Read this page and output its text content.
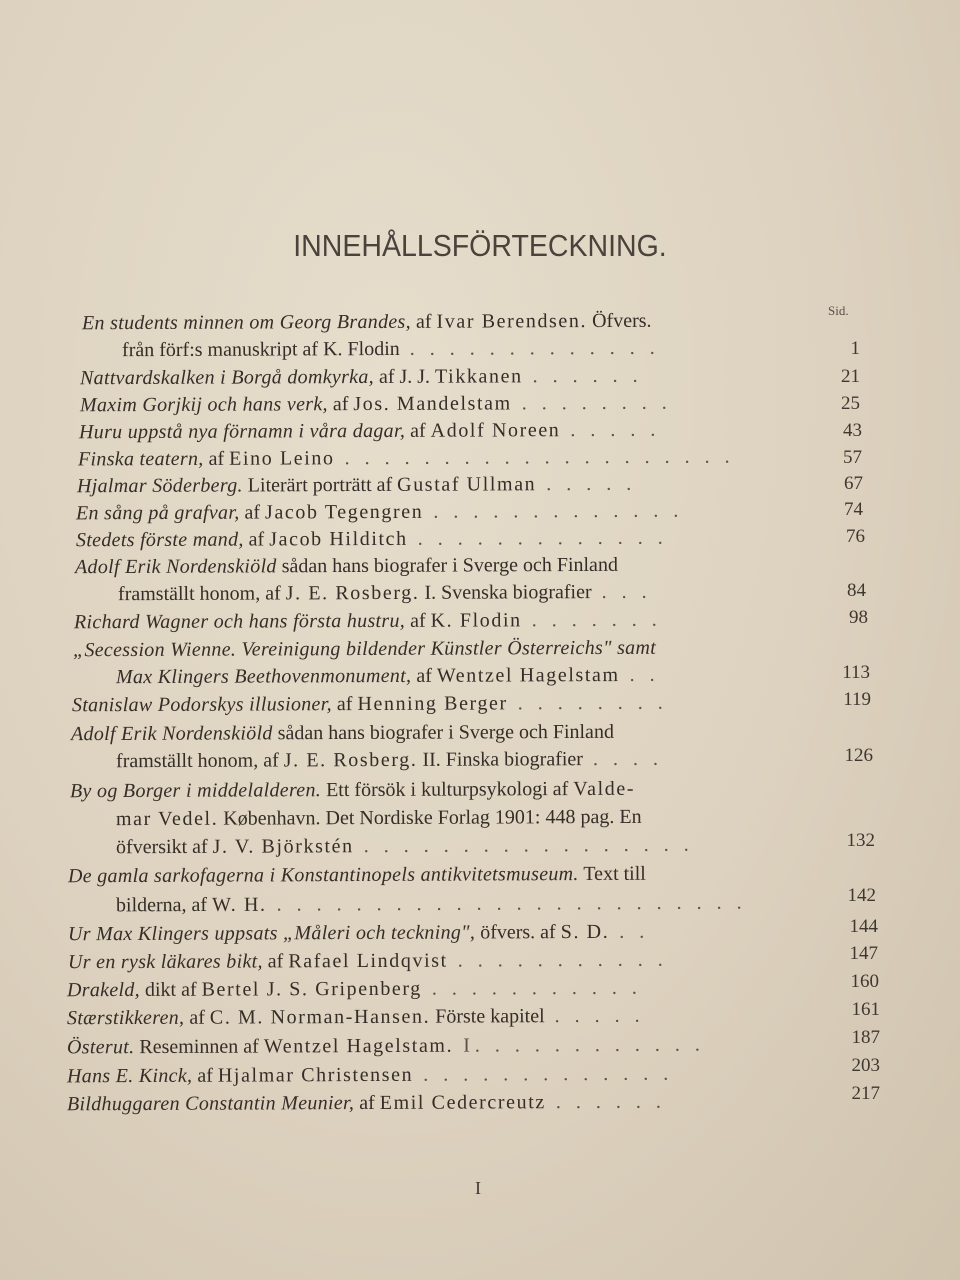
INNEHÅLLSFÖRTECKNING.
Sid.
En students minnen om Georg Brandes, af Ivar Berendsen. Öfvers.
från förf:s manuskript af K. Flodin . . . . . . . . . . . . .	1
Nattvardskalken i Borgå domkyrka, af J. J. Tikkanen . . . . . .	21
Maxim Gorjkij och hans verk, af Jos. Mandelstam . . . . . . . .	25
Huru uppstå nya förnamn i våra dagar, af Adolf Noreen . . . . .	43
Finska teatern, af Eino Leino . . . . . . . . . . . . . . . . . . . .	57
Hjalmar Söderberg. Literärt porträtt af Gustaf Ullman . . . . .	67
En sång på grafvar, af Jacob Tegengren . . . . . . . . . . . . .	74
Stedets förste mand, af Jacob Hilditch . . . . . . . . . . . . .	76
Adolf Erik Nordenskiöld sådan hans biografer i Sverge och Finland
framställt honom, af J. E. Rosberg. I. Svenska biografier . . .	84
Richard Wagner och hans första hustru, af K. Flodin . . . . . . .	98
„Secession Wienne. Vereinigung bildender Künstler Österreichs" samt
Max Klingers Beethovenmonument, af Wentzel Hagelstam . .	113
Stanislaw Podorskys illusioner, af Henning Berger . . . . . . . .	119
Adolf Erik Nordenskiöld sådan hans biografer i Sverge och Finland
framställt honom, af J. E. Rosberg. II. Finska biografier . . . .	126
By og Borger i middelalderen. Ett försök i kulturpsykologi af Valde-
mar Vedel. København. Det Nordiske Forlag 1901: 448 pag. En
öfversikt af J. V. Björkstén . . . . . . . . . . . . . . . . .	132
De gamla sarkofagerna i Konstantinopels antikvitetsmuseum. Text till
bilderna, af W. H. . . . . . . . . . . . . . . . . . . . . . . . .	142
Ur Max Klingers uppsats „Måleri och teckning", öfvers. af S. D. . .	144
Ur en rysk läkares bikt, af Rafael Lindqvist . . . . . . . . . . .	147
Drakeld, dikt af Bertel J. S. Gripenberg . . . . . . . . . . .	160
Stærstikkeren, af C. M. Norman-Hansen. Förste kapitel . . . . .	161
Österut. Reseminnen af Wentzel Hagelstam. I. . . . . . . . . . . .	187
Hans E. Kinck, af Hjalmar Christensen . . . . . . . . . . . . .	203
Bildhuggaren Constantin Meunier, af Emil Cedercreutz . . . . . .	217
I
